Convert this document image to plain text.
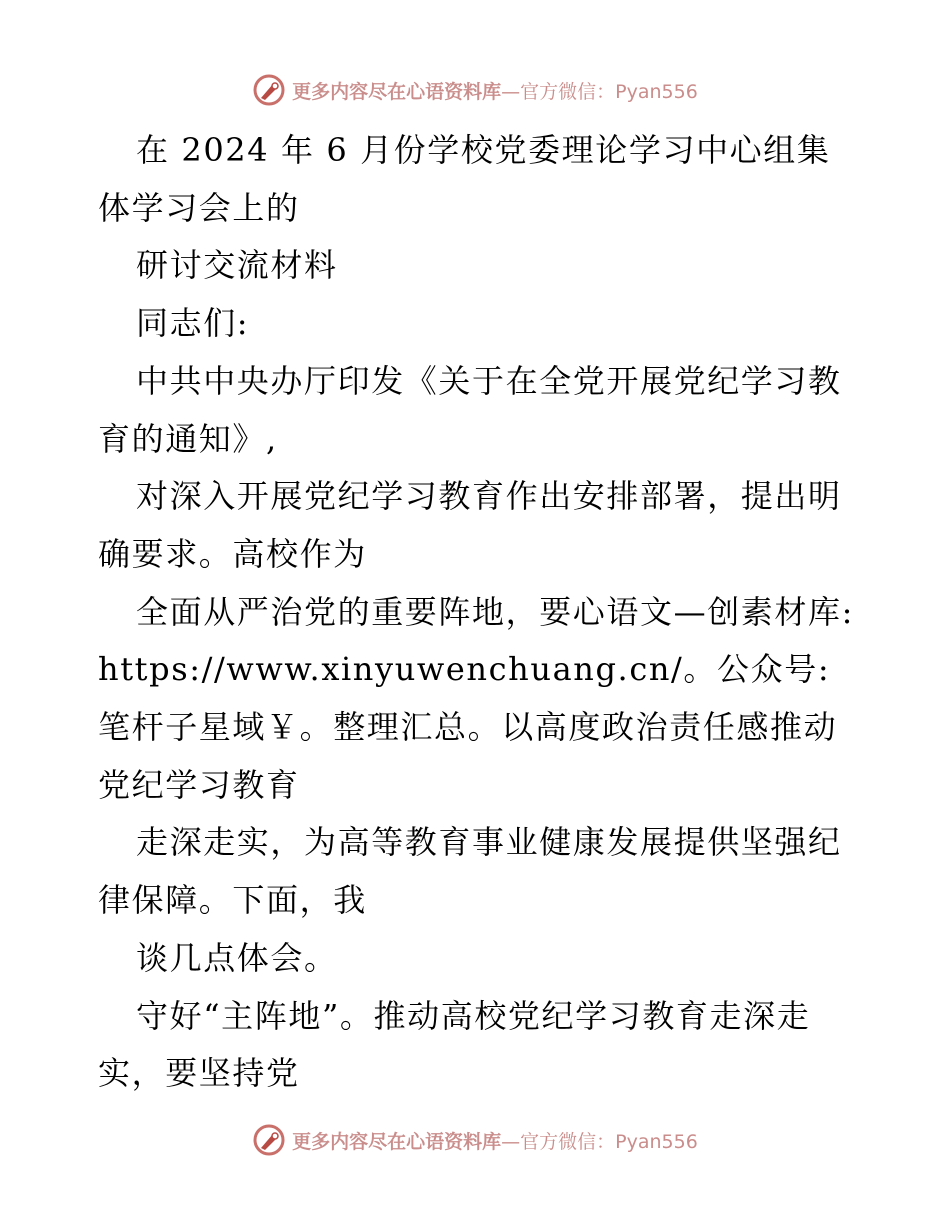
更多内容尽在心语资料库—官方微信：Pyan556

在 2024 年 6 月份学校党委理论学习中心组集体学习会上的

研讨交流材料

同志们:

中共中央办厅印发《关于在全党开展党纪学习教育的通知》,

对深入开展党纪学习教育作出安排部署，提出明确要求。高校作为

全面从严治党的重要阵地，要心语文—创素材库: https://www.xinyuwenchuang.cn/。公众号:笔杆子星域￥。整理汇总。以高度政治责任感推动党纪学习教育

走深走实，为高等教育事业健康发展提供坚强纪律保障。下面，我

谈几点体会。

守好“主阵地”。推动高校党纪学习教育走深走实，要坚持党

更多内容尽在心语资料库—官方微信：Pyan556
